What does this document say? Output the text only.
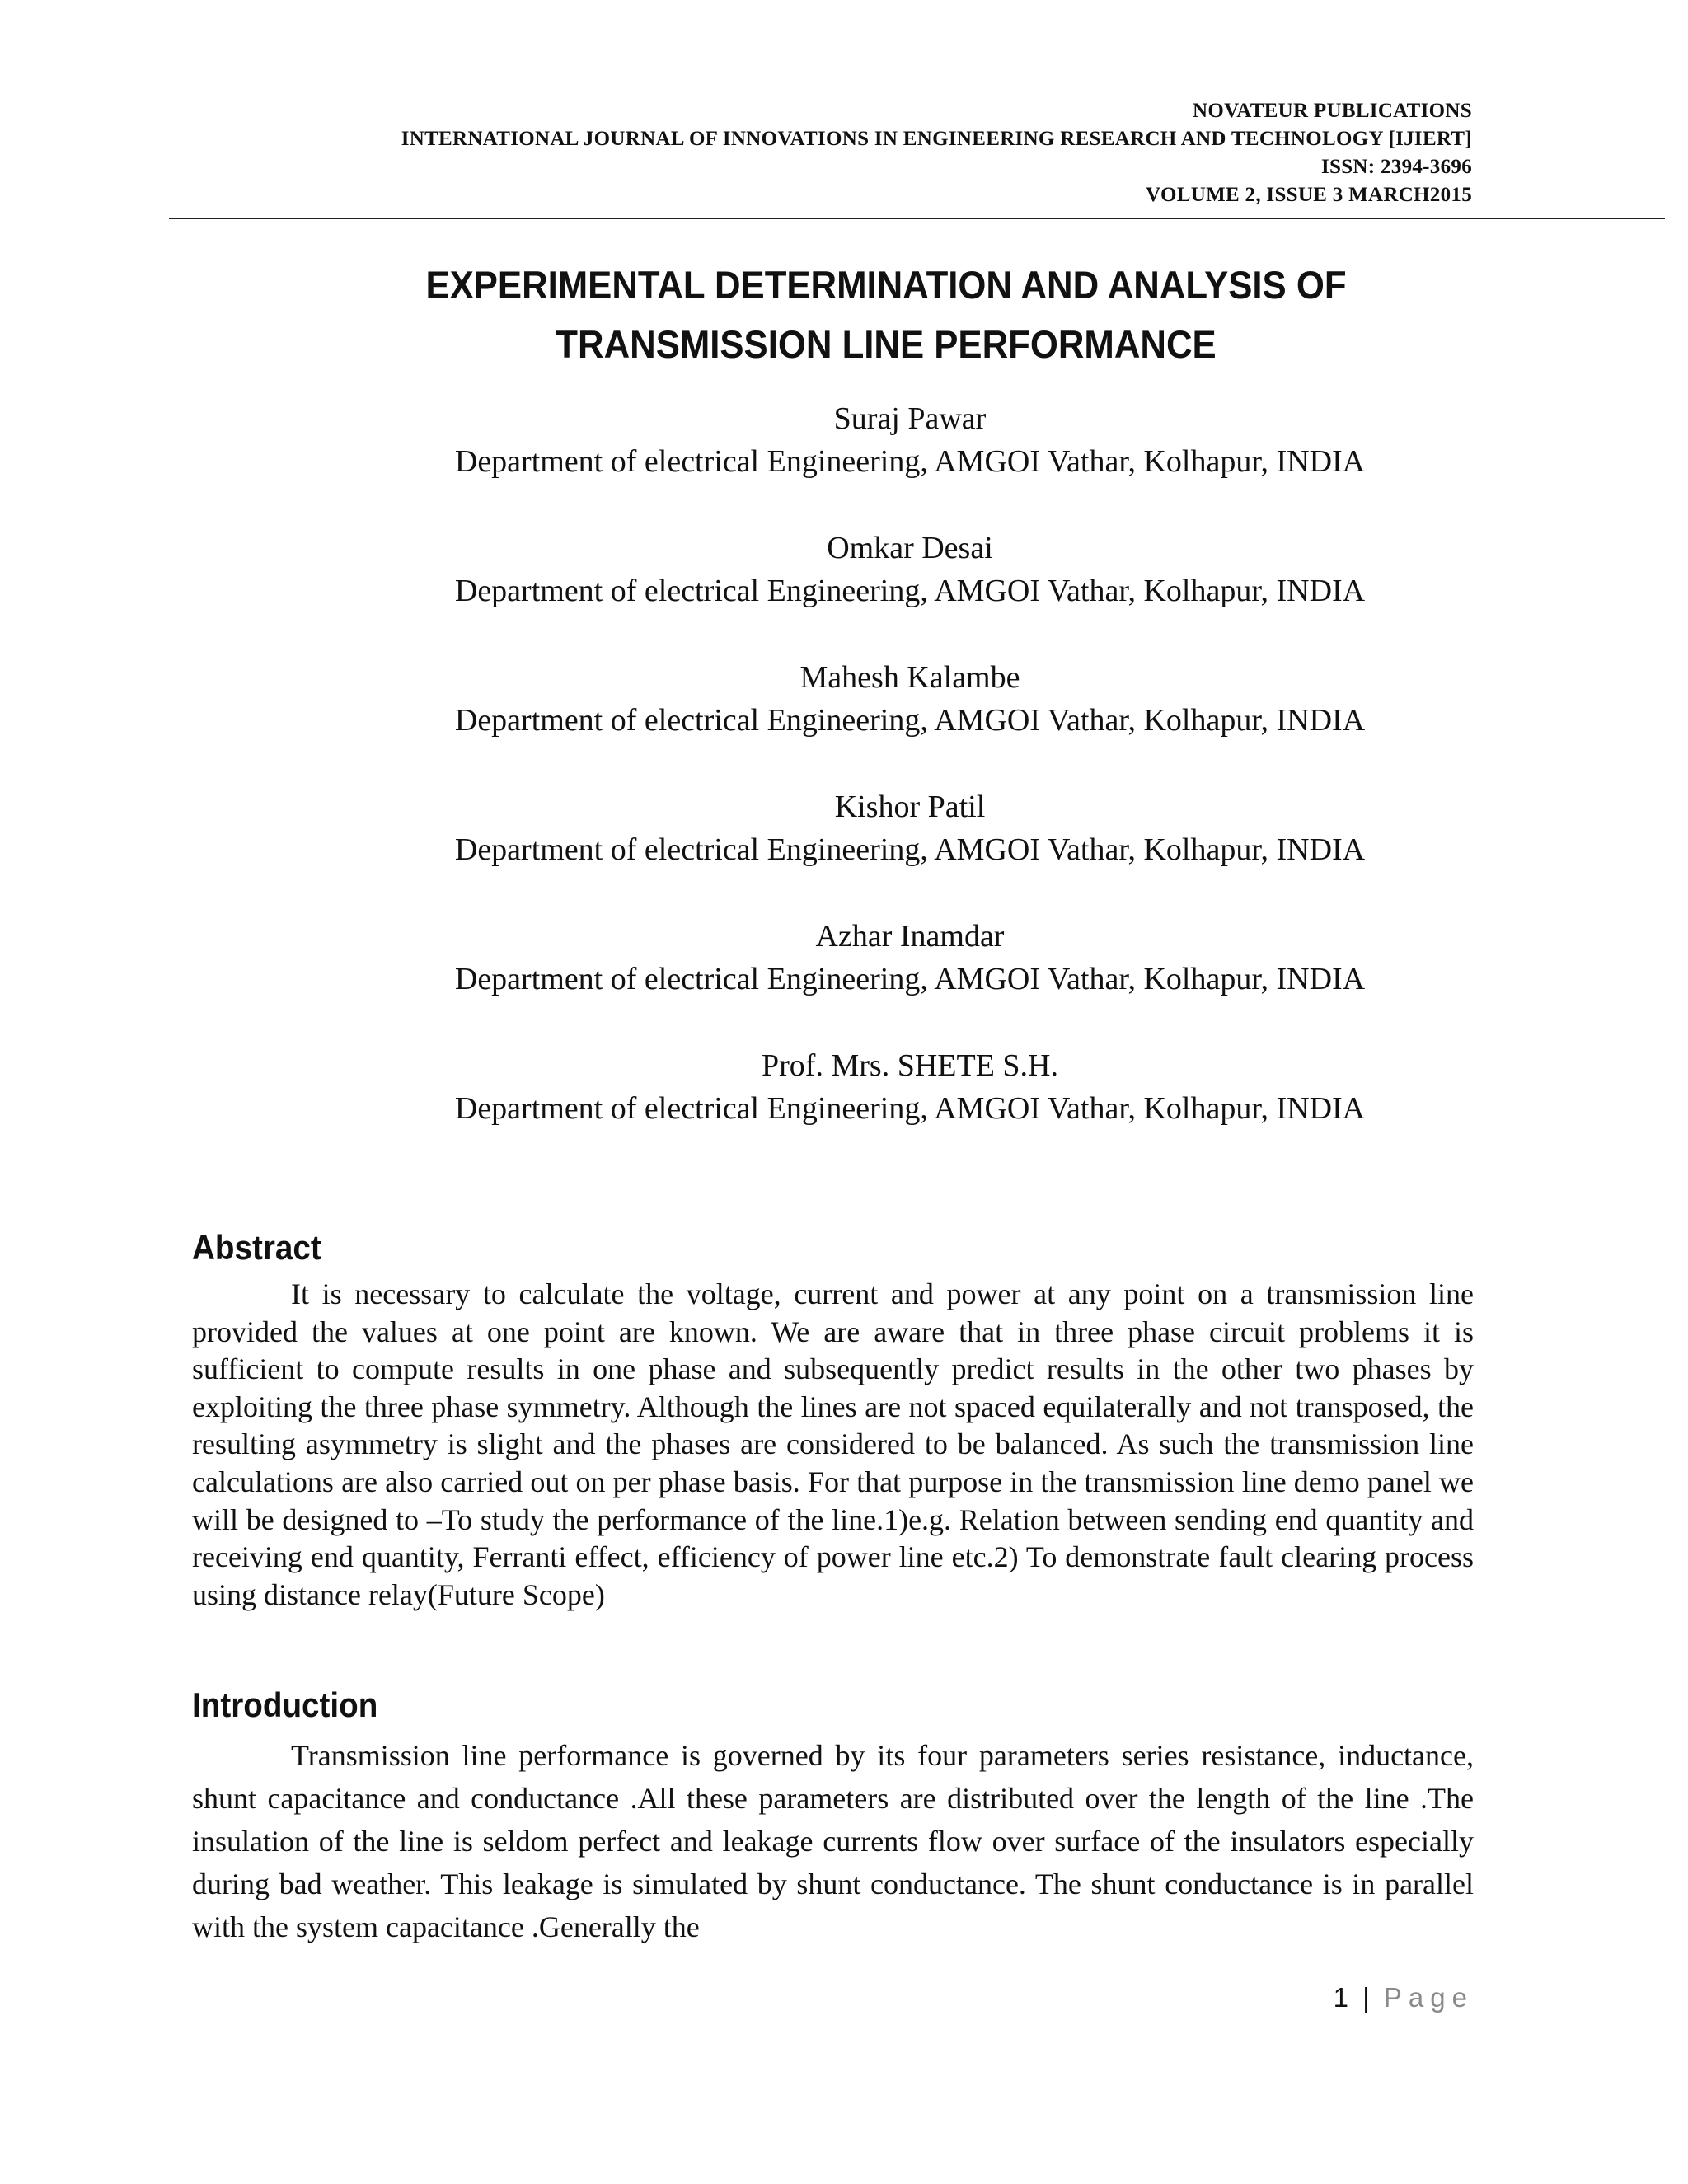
NOVATEUR PUBLICATIONS
INTERNATIONAL JOURNAL OF INNOVATIONS IN ENGINEERING RESEARCH AND TECHNOLOGY [IJIERT]
ISSN: 2394-3696
VOLUME 2, ISSUE 3 MARCH2015
EXPERIMENTAL DETERMINATION AND ANALYSIS OF
TRANSMISSION LINE PERFORMANCE
Suraj Pawar
Department of electrical Engineering, AMGOI Vathar, Kolhapur, INDIA
Omkar Desai
Department of electrical Engineering, AMGOI Vathar, Kolhapur, INDIA
Mahesh Kalambe
Department of electrical Engineering, AMGOI Vathar, Kolhapur, INDIA
Kishor Patil
Department of electrical Engineering, AMGOI Vathar, Kolhapur, INDIA
Azhar Inamdar
Department of electrical Engineering, AMGOI Vathar, Kolhapur, INDIA
Prof. Mrs. SHETE S.H.
Department of electrical Engineering, AMGOI Vathar, Kolhapur, INDIA
Abstract

It is necessary to calculate the voltage, current and power at any point on a transmission line provided the values at one point are known. We are aware that in three phase circuit problems it is sufficient to compute results in one phase and subsequently predict results in the other two phases by exploiting the three phase symmetry. Although the lines are not spaced equilaterally and not transposed, the resulting asymmetry is slight and the phases are considered to be balanced. As such the transmission line calculations are also carried out on per phase basis. For that purpose in the transmission line demo panel we will be designed to –To study the performance of the line.1)e.g. Relation between sending end quantity and receiving end quantity, Ferranti effect, efficiency of power line etc.2) To demonstrate fault clearing process using distance relay(Future Scope)

Introduction

Transmission line performance is governed by its four parameters series resistance, inductance, shunt capacitance and conductance .All these parameters are distributed over the length of the line .The insulation of the line is seldom perfect and leakage currents flow over surface of the insulators especially during bad weather. This leakage is simulated by shunt conductance. The shunt conductance is in parallel with the system capacitance .Generally the

1 | Page
